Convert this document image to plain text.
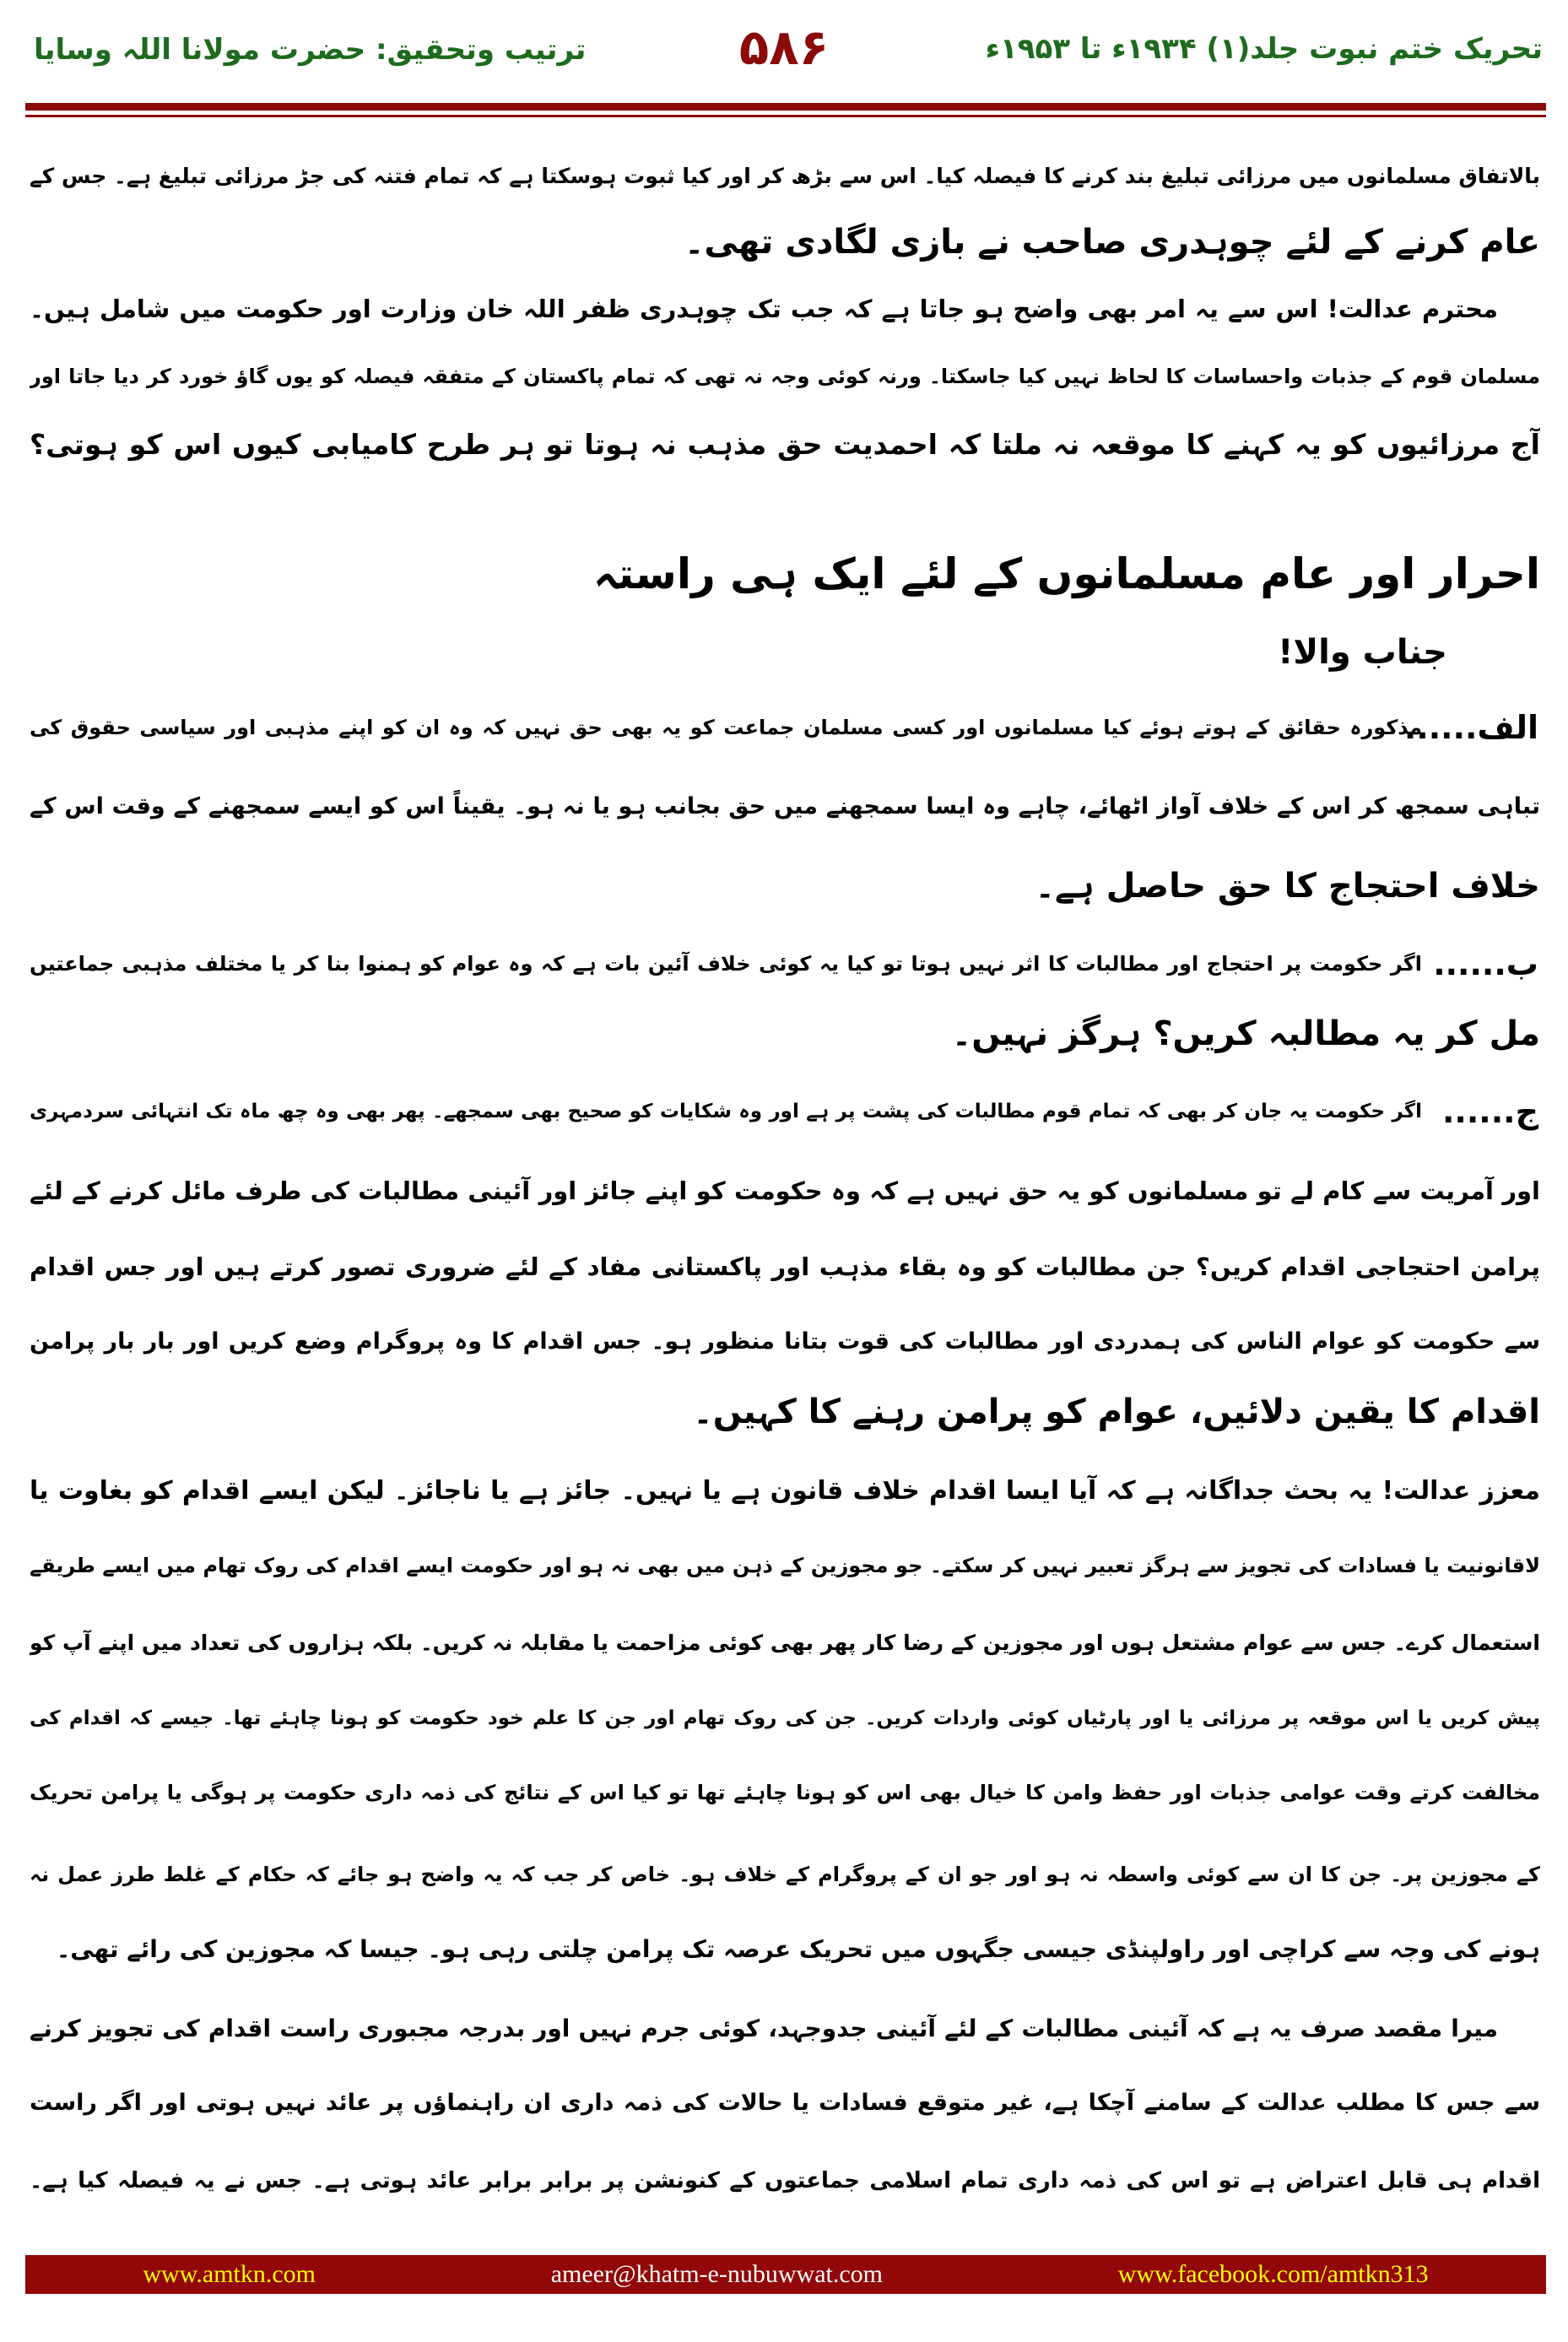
تحریک ختم نبوت جلد(۱) ۱۹۳۴ء تا ۱۹۵۳ء
۵۸۶
ترتیب وتحقیق: حضرت مولانا اللہ وسایا
بالاتفاق مسلمانوں میں مرزائی تبلیغ بند کرنے کا فیصلہ کیا۔ اس سے بڑھ کر اور کیا ثبوت ہوسکتا ہے کہ تمام فتنہ کی جڑ مرزائی تبلیغ ہے۔ جس کے
عام کرنے کے لئے چوہدری صاحب نے بازی لگادی تھی۔
محترم عدالت! اس سے یہ امر بھی واضح ہو جاتا ہے کہ جب تک چوہدری ظفر اللہ خان وزارت اور حکومت میں شامل ہیں۔
مسلمان قوم کے جذبات واحساسات کا لحاظ نہیں کیا جاسکتا۔ ورنہ کوئی وجہ نہ تھی کہ تمام پاکستان کے متفقہ فیصلہ کو یوں گاؤ خورد کر دیا جاتا اور
آج مرزائیوں کو یہ کہنے کا موقعہ نہ ملتا کہ احمدیت حق مذہب نہ ہوتا تو ہر طرح کامیابی کیوں اس کو ہوتی؟
احرار اور عام مسلمانوں کے لئے ایک ہی راستہ
جناب والا!
الف......
مذکورہ حقائق کے ہوتے ہوئے کیا مسلمانوں اور کسی مسلمان جماعت کو یہ بھی حق نہیں کہ وہ ان کو اپنے مذہبی اور سیاسی حقوق کی
تباہی سمجھ کر اس کے خلاف آواز اٹھائے، چاہے وہ ایسا سمجھنے میں حق بجانب ہو یا نہ ہو۔ یقیناً اس کو ایسے سمجھنے کے وقت اس کے
خلاف احتجاج کا حق حاصل ہے۔
ب......
اگر حکومت پر احتجاج اور مطالبات کا اثر نہیں ہوتا تو کیا یہ کوئی خلاف آئین بات ہے کہ وہ عوام کو ہمنوا بنا کر یا مختلف مذہبی جماعتیں
مل کر یہ مطالبہ کریں؟ ہرگز نہیں۔
ج......
اگر حکومت یہ جان کر بھی کہ تمام قوم مطالبات کی پشت پر ہے اور وہ شکایات کو صحیح بھی سمجھے۔ پھر بھی وہ چھ ماہ تک انتہائی سردمہری
اور آمریت سے کام لے تو مسلمانوں کو یہ حق نہیں ہے کہ وہ حکومت کو اپنے جائز اور آئینی مطالبات کی طرف مائل کرنے کے لئے
پرامن احتجاجی اقدام کریں؟ جن مطالبات کو وہ بقاء مذہب اور پاکستانی مفاد کے لئے ضروری تصور کرتے ہیں اور جس اقدام
سے حکومت کو عوام الناس کی ہمدردی اور مطالبات کی قوت بتانا منظور ہو۔ جس اقدام کا وہ پروگرام وضع کریں اور بار بار پرامن
اقدام کا یقین دلائیں، عوام کو پرامن رہنے کا کہیں۔
معزز عدالت! یہ بحث جداگانہ ہے کہ آیا ایسا اقدام خلاف قانون ہے یا نہیں۔ جائز ہے یا ناجائز۔ لیکن ایسے اقدام کو بغاوت یا
لاقانونیت یا فسادات کی تجویز سے ہرگز تعبیر نہیں کر سکتے۔ جو مجوزین کے ذہن میں بھی نہ ہو اور حکومت ایسے اقدام کی روک تھام میں ایسے طریقے
استعمال کرے۔ جس سے عوام مشتعل ہوں اور مجوزین کے رضا کار پھر بھی کوئی مزاحمت یا مقابلہ نہ کریں۔ بلکہ ہزاروں کی تعداد میں اپنے آپ کو
پیش کریں یا اس موقعہ پر مرزائی یا اور پارٹیاں کوئی واردات کریں۔ جن کی روک تھام اور جن کا علم خود حکومت کو ہونا چاہئے تھا۔ جیسے کہ اقدام کی
مخالفت کرتے وقت عوامی جذبات اور حفظ وامن کا خیال بھی اس کو ہونا چاہئے تھا تو کیا اس کے نتائج کی ذمہ داری حکومت پر ہوگی یا پرامن تحریک
کے مجوزین پر۔ جن کا ان سے کوئی واسطہ نہ ہو اور جو ان کے پروگرام کے خلاف ہو۔ خاص کر جب کہ یہ واضح ہو جائے کہ حکام کے غلط طرز عمل نہ
ہونے کی وجہ سے کراچی اور راولپنڈی جیسی جگہوں میں تحریک عرصہ تک پرامن چلتی رہی ہو۔ جیسا کہ مجوزین کی رائے تھی۔
میرا مقصد صرف یہ ہے کہ آئینی مطالبات کے لئے آئینی جدوجہد، کوئی جرم نہیں اور بدرجہ مجبوری راست اقدام کی تجویز کرنے
سے جس کا مطلب عدالت کے سامنے آچکا ہے، غیر متوقع فسادات یا حالات کی ذمہ داری ان راہنماؤں پر عائد نہیں ہوتی اور اگر راست
اقدام ہی قابل اعتراض ہے تو اس کی ذمہ داری تمام اسلامی جماعتوں کے کنونشن پر برابر برابر عائد ہوتی ہے۔ جس نے یہ فیصلہ کیا ہے۔
www.amtkn.com	ameer@khatm-e-nubuwwat.com	www.facebook.com/amtkn313
